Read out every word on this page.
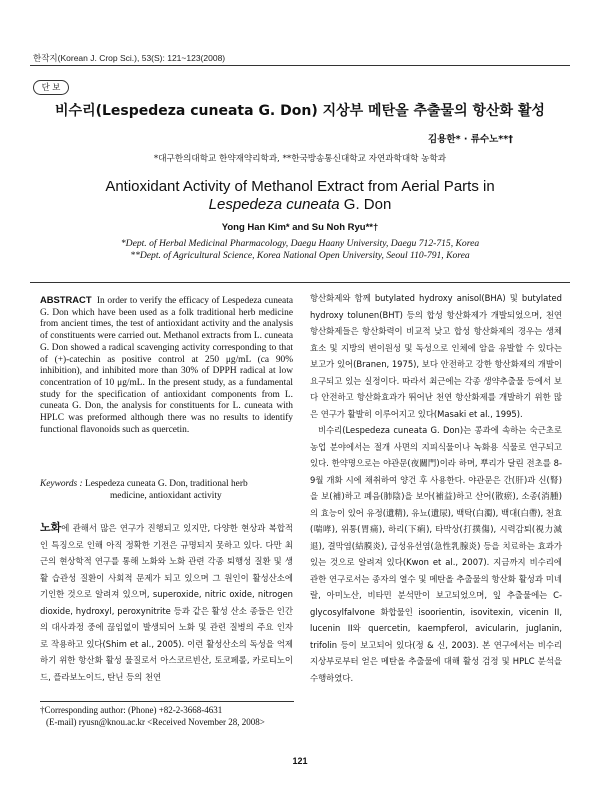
한작지(Korean J. Crop Sci.), 53(S): 121~123(2008)
단 보
비수리(Lespedeza cuneata G. Don) 지상부 메탄올 추출물의 항산화 활성
김용한* · 류수노**†
*대구한의대학교 한약재약리학과, **한국방송통신대학교 자연과학대학 농학과
Antioxidant Activity of Methanol Extract from Aerial Parts in
Lespedeza cuneata G. Don
Yong Han Kim* and Su Noh Ryu**†
*Dept. of Herbal Medicinal Pharmacology, Daegu Haany University, Daegu 712-715, Korea
**Dept. of Agricultural Science, Korea National Open University, Seoul 110-791, Korea
ABSTRACT In order to verify the efficacy of Lespedeza cuneata G. Don which have been used as a folk traditional herb medicine from ancient times, the test of antioxidant activity and the analysis of constituents were carried out. Methanol extracts from L. cuneata G. Don showed a radical scavenging activity corresponding to that of (+)-catechin as positive control at 250 μg/mL (ca 90% inhibition), and inhibited more than 30% of DPPH radical at low concentration of 10 μg/mL. In the present study, as a fundamental study for the specification of antioxidant components from L. cuneata G. Don, the analysis for constituents for L. cuneata with HPLC was preformed although there was no results to identify functional flavonoids such as quercetin.
Keywords : Lespedeza cuneata G. Don, traditional herb
medicine, antioxidant activity
노화에 관해서 많은 연구가 진행되고 있지만, 다양한 현상과 복합적인 특징으로 인해 아직 정확한 기전은 규명되지 못하고 있다. 다만 최근의 현상학적 연구를 통해 노화와 노화 관련 각종 퇴행성 질환 및 생활 습관성 질환이 사회적 문제가 되고 있으며 그 원인이 활성산소에 기인한 것으로 알려져 있으며, superoxide, nitric oxide, nitrogen dioxide, hydroxyl, peroxynitrite 등과 같은 활성 산소 종들은 인간의 대사과정 중에 끊임없이 발생되어 노화 및 관련 질병의 주요 인자로 작용하고 있다(Shim et al., 2005). 이런 활성산소의 독성을 억제하기 위한 항산화 활성 물질로서 아스코르빈산, 토코페롤, 카로티노이드, 플라보노이드, 탄닌 등의 천연
†Corresponding author: (Phone) +82-2-3668-4631
(E-mail) ryusn@knou.ac.kr <Received November 28, 2008>
항산화제와 함께 butylated hydroxy anisol(BHA) 및 butylated hydroxy tolunen(BHT) 등의 합성 항산화제가 개발되었으며, 천연 항산화제들은 항산화력이 비교적 낮고 합성 항산화제의 경우는 생체 효소 및 지방의 변이원성 및 독성으로 인체에 암을 유발할 수 있다는 보고가 있어(Branen, 1975), 보다 안전하고 강한 항산화제의 개발이 요구되고 있는 실정이다. 따라서 최근에는 각종 생약추출물 등에서 보다 안전하고 항산화효과가 뛰어난 천연 항산화제를 개발하기 위한 많은 연구가 활발히 이루어지고 있다(Masaki et al., 1995).
비수리(Lespedeza cuneata G. Don)는 콩과에 속하는 숙근초로 농업 분야에서는 절개 사면의 지피식물이나 녹화용 식물로 연구되고 있다. 한약명으로는 야관문(夜關門)이라 하며, 뿌리가 달린 전초를 8-9월 개화 시에 채취하여 양건 후 사용한다. 야관문은 간(肝)과 신(腎)을 보(補)하고 폐음(肺陰)을 보아(補益)하고 산어(散瘀), 소종(消腫)의 효능이 있어 유정(遺精), 유뇨(遺尿), 백탁(白濁), 백대(白帶), 천효(喘哮), 위통(胃痛), 하리(下痢), 타박상(打撲傷), 시력감퇴(視力減退), 결막염(結膜炎), 급성유선염(急性乳腺炎) 등을 치료하는 효과가 있는 것으로 알려져 있다(Kwon et al., 2007). 지금까지 비수리에 관한 연구로서는 종자의 열수 및 메탄올 추출물의 항산화 활성과 미네랄, 아미노산, 비타민 분석만이 보고되었으며, 잎 추출물에는 C-glycosylfalvone 화합물인 isoorientin, isovitexin, vicenin II, lucenin II와 quercetin, kaempferol, avicularin, juglanin, trifolin 등이 보고되어 있다(정 & 신, 2003). 본 연구에서는 비수리 지상부로부터 얻은 메탄올 추출물에 대해 활성 검정 및 HPLC 분석을 수행하였다.
121
